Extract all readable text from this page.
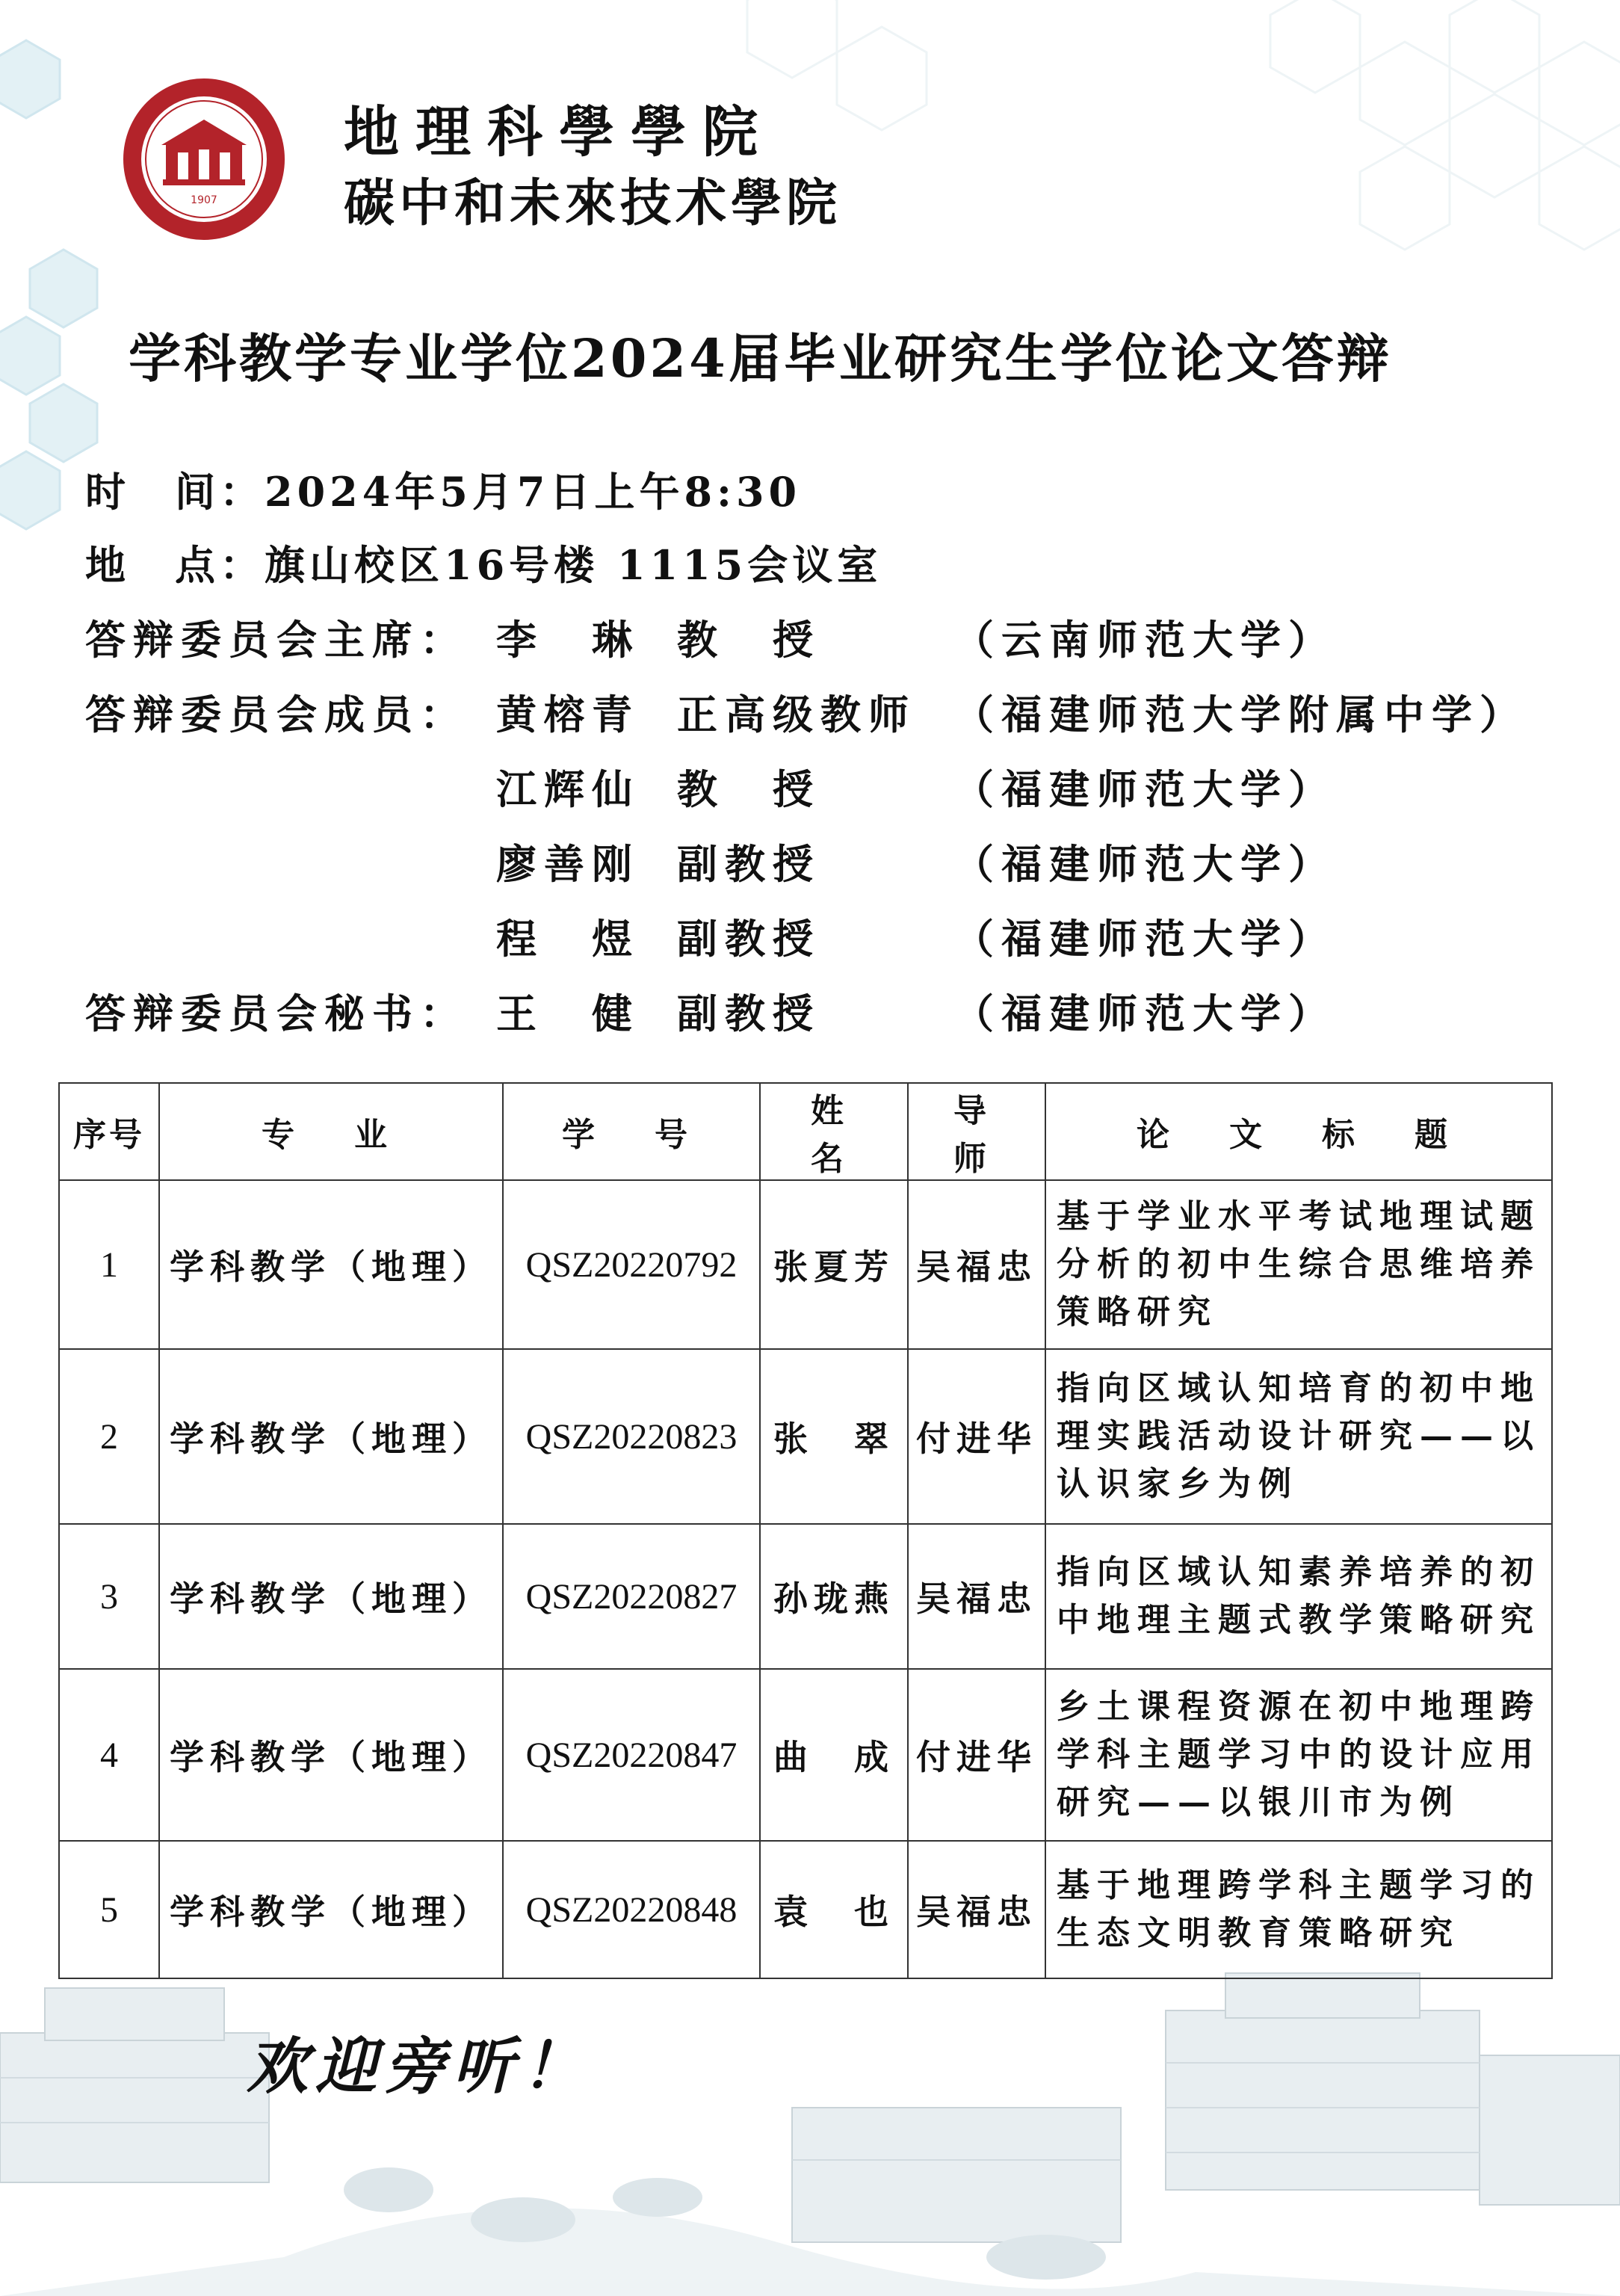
1907
地理科學學院
碳中和未來技术學院
学科教学专业学位2024届毕业研究生学位论文答辩
时　间：2024年5月7日上午8:30
地　点：旗山校区16号楼 1115会议室
答辩委员会主席： 李　琳 教　授	（云南师范大学）
答辩委员会成员： 黄榕青 正高级教师 （福建师范大学附属中学）
江辉仙 教　授	（福建师范大学）
廖善刚 副教授	（福建师范大学）
程　煜 副教授	（福建师范大学）
答辩委员会秘书： 王　健 副教授	（福建师范大学）
序号	专　业	学　号	姓　名	导　师	论　文　标　题
1	学科教学（地理）	QSZ20220792	张夏芳	吴福忠	基于学业水平考试地理试题分析的初中生综合思维培养策略研究
2	学科教学（地理）	QSZ20220823	张　翠	付进华	指向区域认知培育的初中地理实践活动设计研究——以认识家乡为例
3	学科教学（地理）	QSZ20220827	孙珑燕	吴福忠	指向区域认知素养培养的初中地理主题式教学策略研究
4	学科教学（地理）	QSZ20220847	曲　成	付进华	乡土课程资源在初中地理跨学科主题学习中的设计应用研究——以银川市为例
5	学科教学（地理）	QSZ20220848	袁　也	吴福忠	基于地理跨学科主题学习的生态文明教育策略研究
欢迎旁听！
